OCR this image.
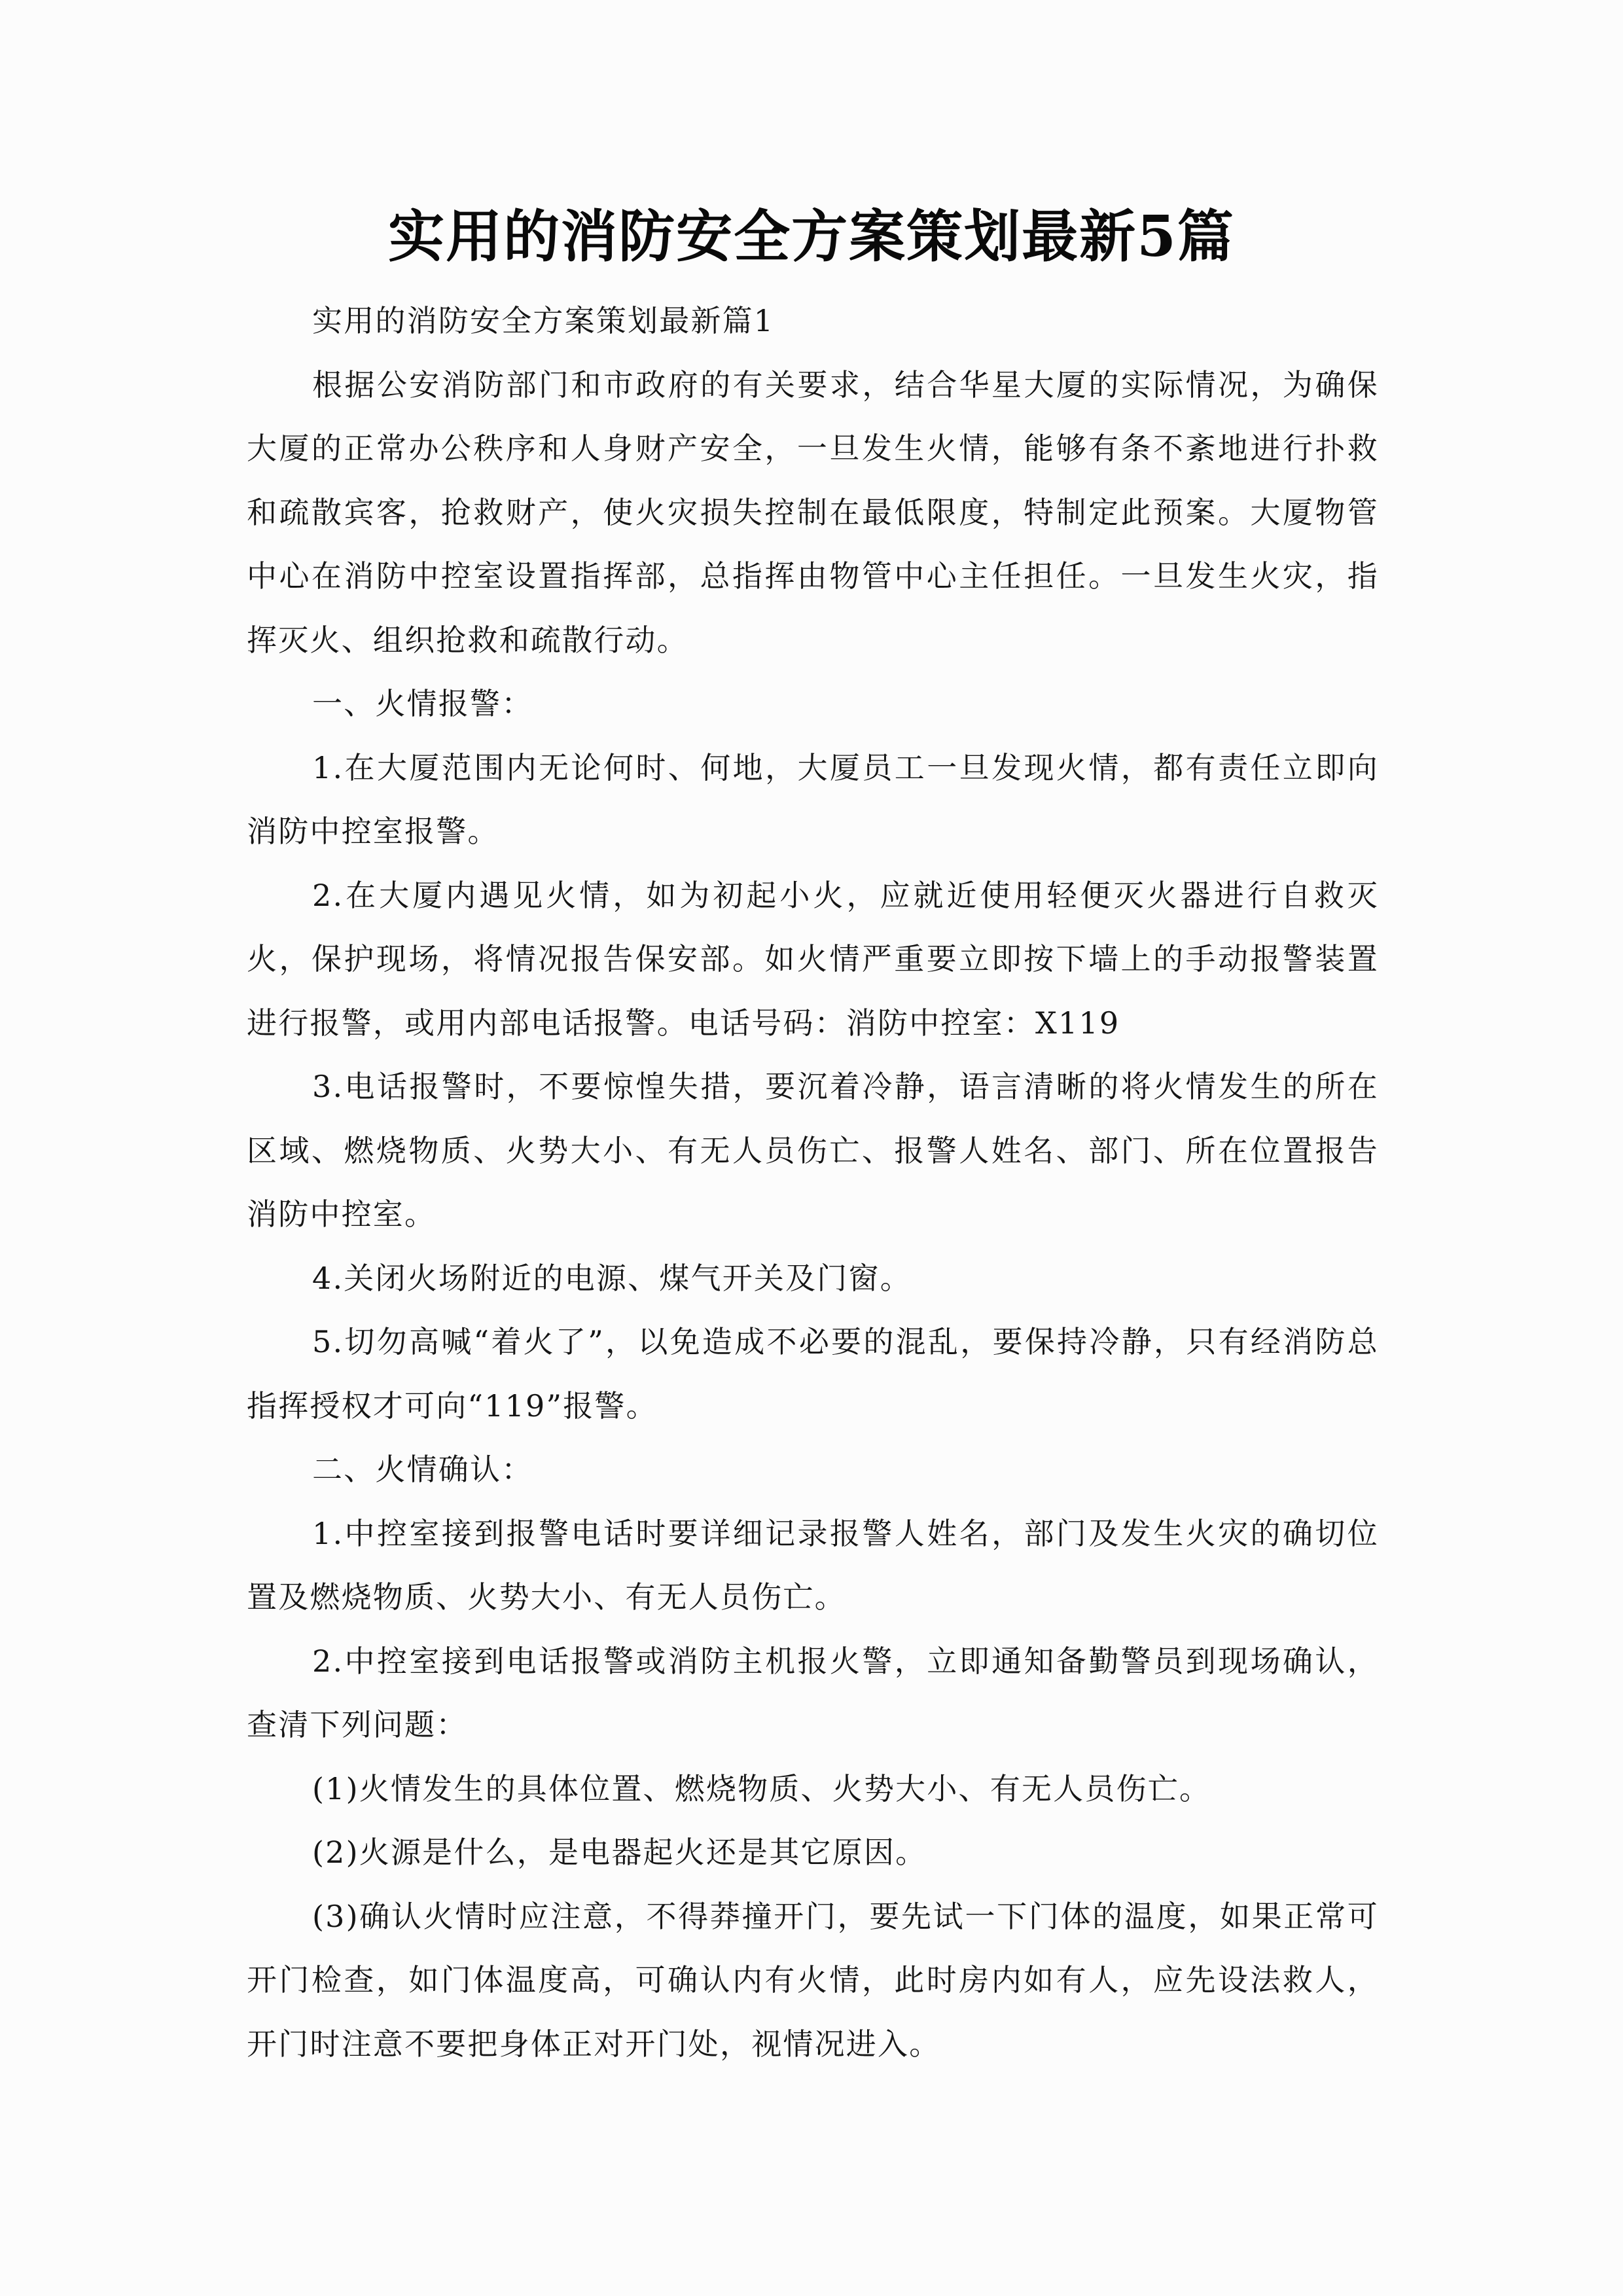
实用的消防安全方案策划最新5篇

实用的消防安全方案策划最新篇1

根据公安消防部门和市政府的有关要求，结合华星大厦的实际情况，为确保大厦的正常办公秩序和人身财产安全，一旦发生火情，能够有条不紊地进行扑救和疏散宾客，抢救财产，使火灾损失控制在最低限度，特制定此预案。大厦物管中心在消防中控室设置指挥部，总指挥由物管中心主任担任。一旦发生火灾，指挥灭火、组织抢救和疏散行动。

一、火情报警：

1.在大厦范围内无论何时、何地，大厦员工一旦发现火情，都有责任立即向消防中控室报警。

2.在大厦内遇见火情，如为初起小火，应就近使用轻便灭火器进行自救灭火，保护现场，将情况报告保安部。如火情严重要立即按下墙上的手动报警装置进行报警，或用内部电话报警。电话号码：消防中控室：X119

3.电话报警时，不要惊惶失措，要沉着冷静，语言清晰的将火情发生的所在区域、燃烧物质、火势大小、有无人员伤亡、报警人姓名、部门、所在位置报告消防中控室。

4.关闭火场附近的电源、煤气开关及门窗。

5.切勿高喊“着火了”，以免造成不必要的混乱，要保持冷静，只有经消防总指挥授权才可向“119”报警。

二、火情确认：

1.中控室接到报警电话时要详细记录报警人姓名，部门及发生火灾的确切位置及燃烧物质、火势大小、有无人员伤亡。

2.中控室接到电话报警或消防主机报火警，立即通知备勤警员到现场确认，查清下列问题：

(1)火情发生的具体位置、燃烧物质、火势大小、有无人员伤亡。

(2)火源是什么，是电器起火还是其它原因。

(3)确认火情时应注意，不得莽撞开门，要先试一下门体的温度，如果正常可开门检查，如门体温度高，可确认内有火情，此时房内如有人，应先设法救人，开门时注意不要把身体正对开门处，视情况进入。
